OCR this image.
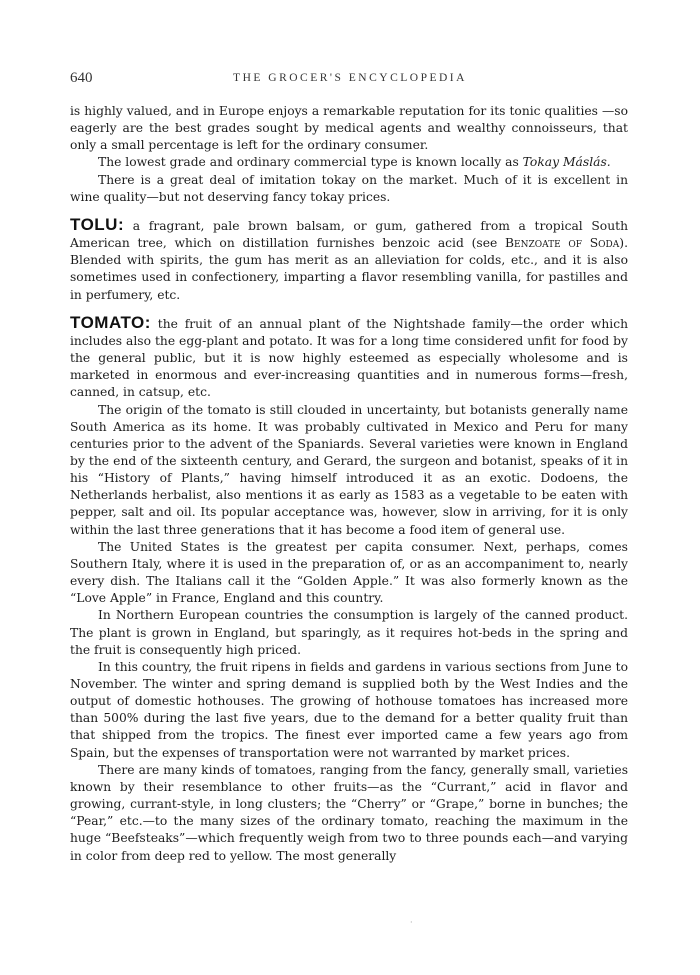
640	THE GROCER'S ENCYCLOPEDIA

is highly valued, and in Europe enjoys a remarkable reputation for its tonic qualities —so eagerly are the best grades sought by medical agents and wealthy connoisseurs, that only a small percentage is left for the ordinary consumer.

The lowest grade and ordinary commercial type is known locally as Tokay Máslás.

There is a great deal of imitation tokay on the market. Much of it is excellent in wine quality—but not deserving fancy tokay prices.

TOLU: a fragrant, pale brown balsam, or gum, gathered from a tropical South American tree, which on distillation furnishes benzoic acid (see Benzoate of Soda). Blended with spirits, the gum has merit as an alleviation for colds, etc., and it is also sometimes used in confectionery, imparting a flavor resembling vanilla, for pastilles and in perfumery, etc.

TOMATO: the fruit of an annual plant of the Nightshade family—the order which includes also the egg-plant and potato. It was for a long time considered unfit for food by the general public, but it is now highly esteemed as especially wholesome and is marketed in enormous and ever-increasing quantities and in numerous forms—fresh, canned, in catsup, etc.

The origin of the tomato is still clouded in uncertainty, but botanists generally name South America as its home. It was probably cultivated in Mexico and Peru for many centuries prior to the advent of the Spaniards. Several varieties were known in England by the end of the sixteenth century, and Gerard, the surgeon and botanist, speaks of it in his “History of Plants,” having himself introduced it as an exotic. Dodoens, the Netherlands herbalist, also mentions it as early as 1583 as a vegetable to be eaten with pepper, salt and oil. Its popular acceptance was, however, slow in arriving, for it is only within the last three generations that it has become a food item of general use.

The United States is the greatest per capita consumer. Next, perhaps, comes Southern Italy, where it is used in the preparation of, or as an accompaniment to, nearly every dish. The Italians call it the “Golden Apple.” It was also formerly known as the “Love Apple” in France, England and this country.

In Northern European countries the consumption is largely of the canned product. The plant is grown in England, but sparingly, as it requires hot-beds in the spring and the fruit is consequently high priced.

In this country, the fruit ripens in fields and gardens in various sections from June to November. The winter and spring demand is supplied both by the West Indies and the output of domestic hothouses. The growing of hothouse tomatoes has increased more than 500% during the last five years, due to the demand for a better quality fruit than that shipped from the tropics. The finest ever imported came a few years ago from Spain, but the expenses of transportation were not warranted by market prices.

There are many kinds of tomatoes, ranging from the fancy, generally small, varieties known by their resemblance to other fruits—as the “Currant,” acid in flavor and growing, currant-style, in long clusters; the “Cherry” or “Grape,” borne in bunches; the “Pear,” etc.—to the many sizes of the ordinary tomato, reaching the maximum in the huge “Beefsteaks”—which frequently weigh from two to three pounds each—and varying in color from deep red to yellow. The most generally

·
